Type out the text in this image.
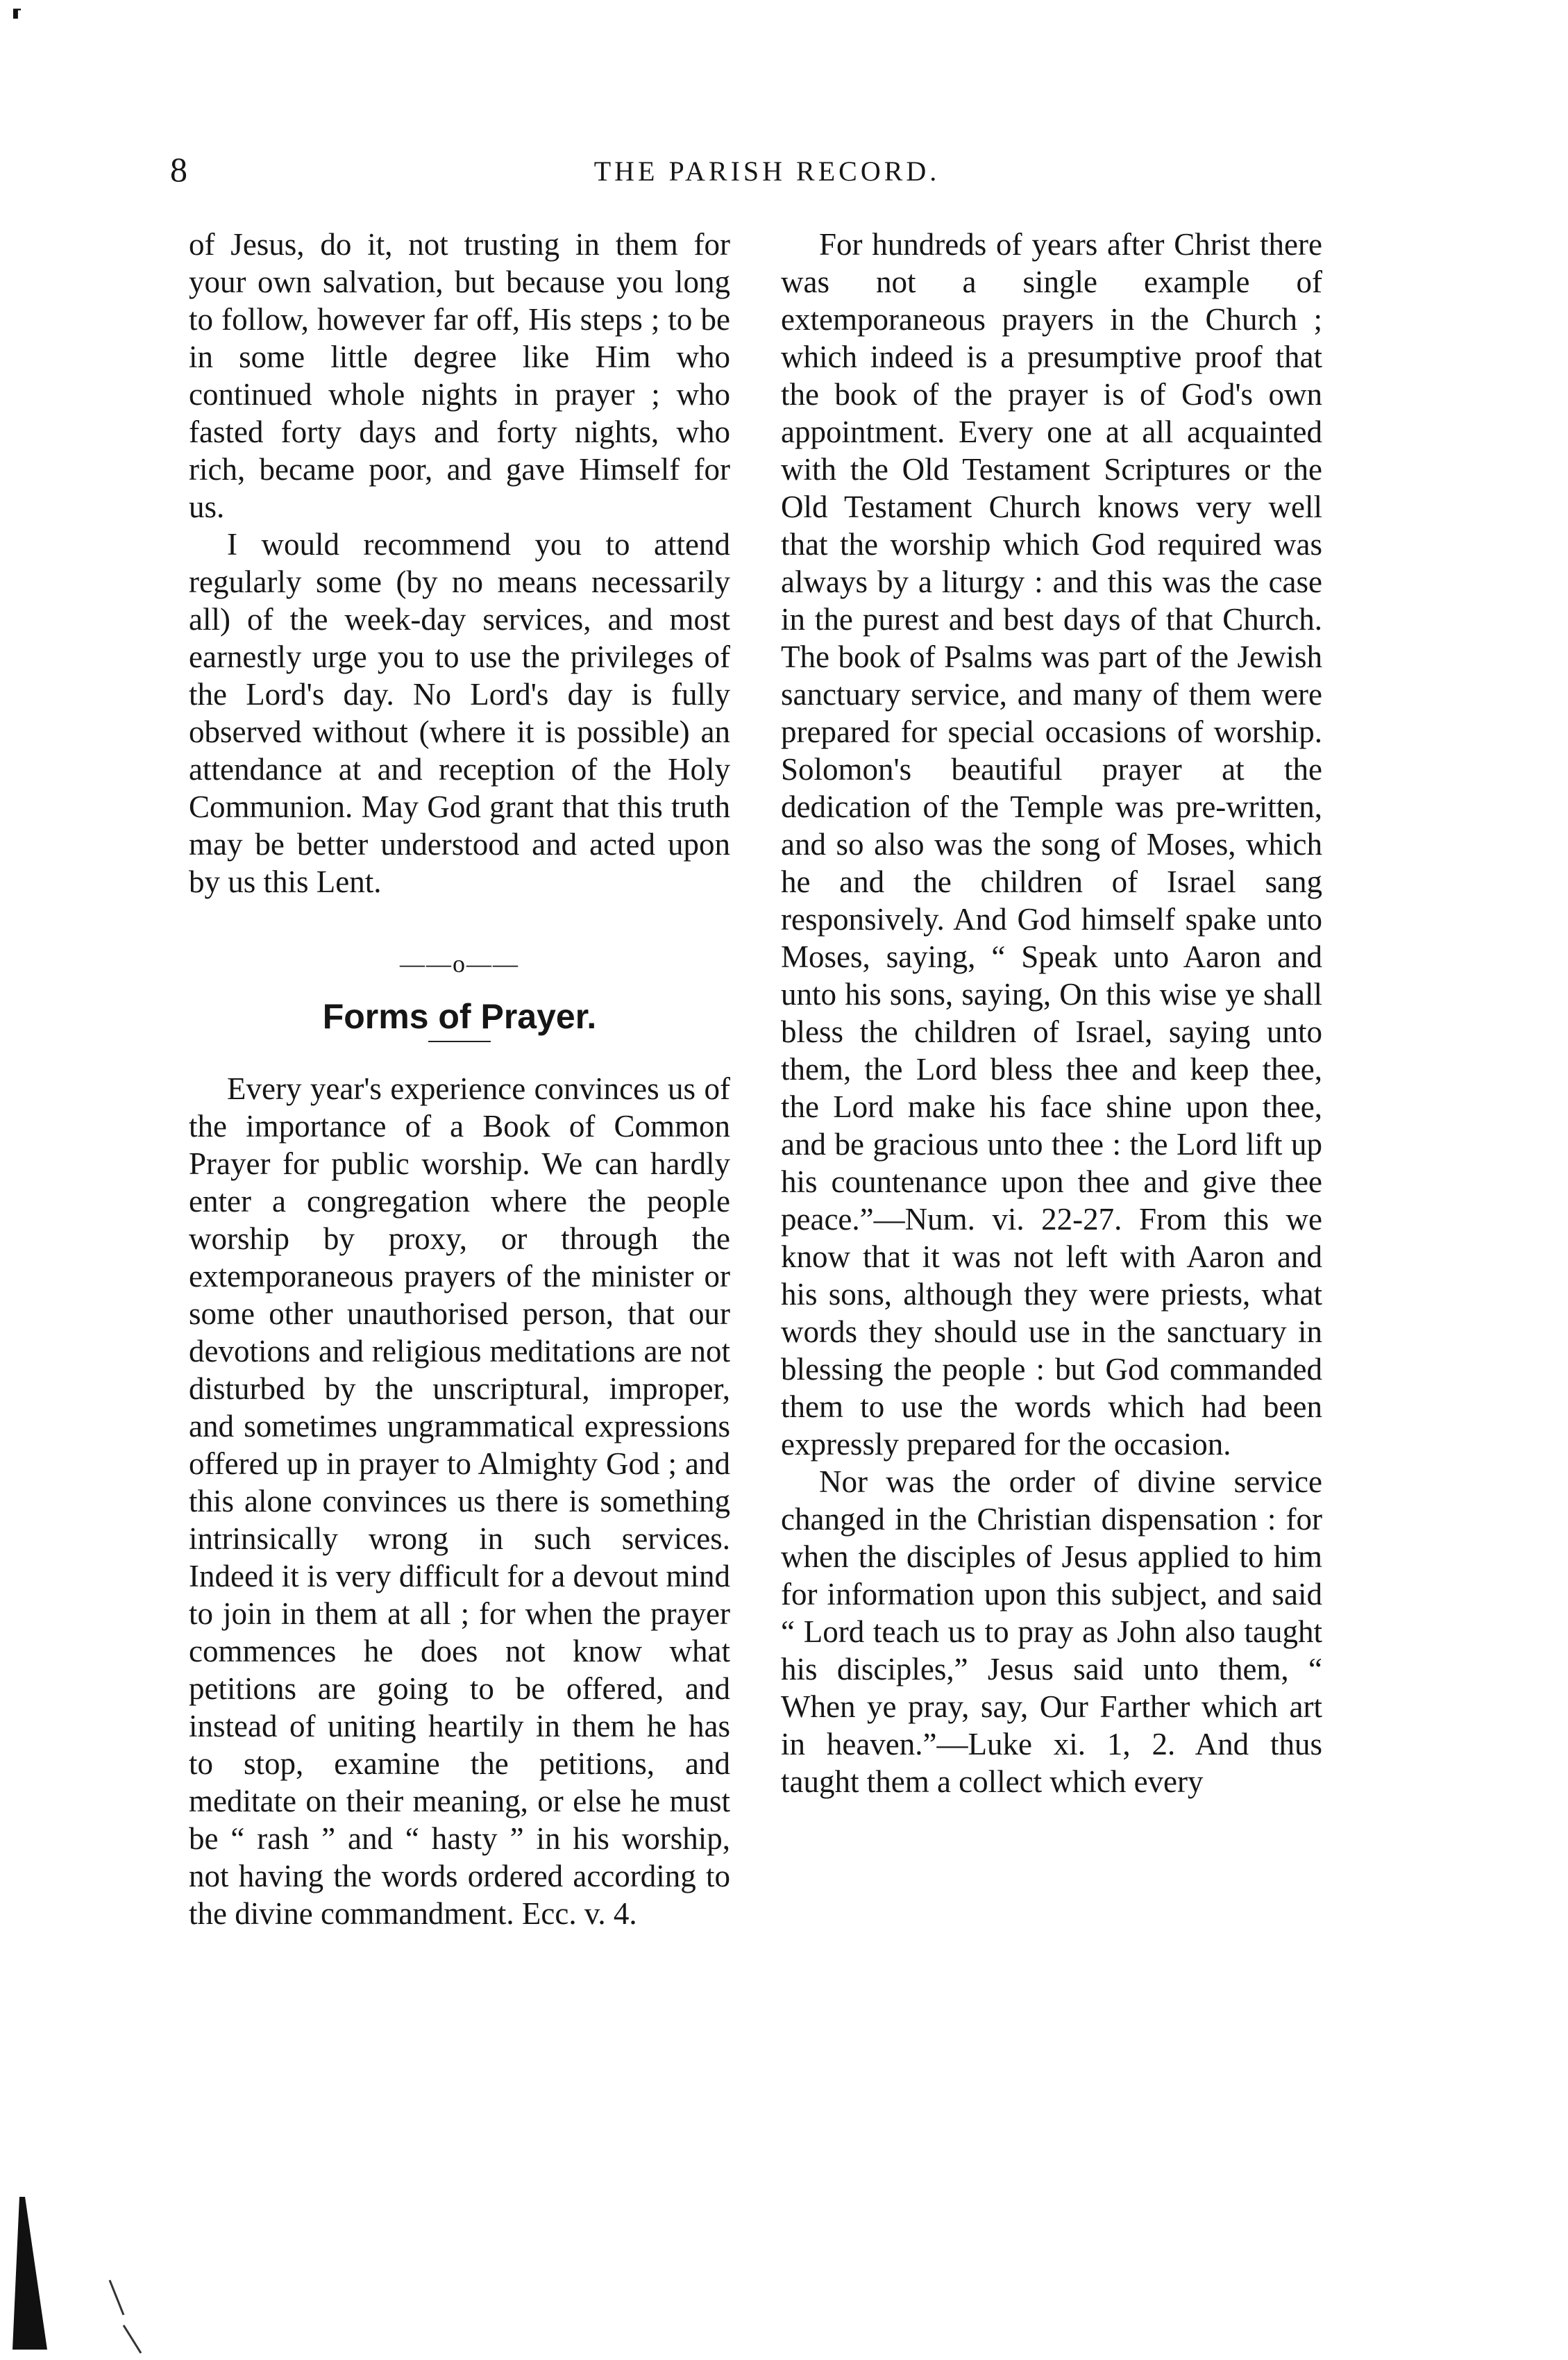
⸢
8	THE PARISH RECORD.

of Jesus, do it, not trusting in them for your own salvation, but because you long to follow, however far off, His steps ; to be in some little degree like Him who continued whole nights in prayer ; who fasted forty days and forty nights, who rich, became poor, and gave Himself for us.

I would recommend you to attend regularly some (by no means necessarily all) of the week-day services, and most earnestly urge you to use the privileges of the Lord's day. No Lord's day is fully observed without (where it is possible) an attendance at and reception of the Holy Communion. May God grant that this truth may be better understood and acted upon by us this Lent.

——o——
Forms of Prayer.

Every year's experience convinces us of the importance of a Book of Common Prayer for public worship. We can hardly enter a congregation where the people worship by proxy, or through the extemporaneous prayers of the minister or some other unauthorised person, that our devotions and religious meditations are not disturbed by the unscriptural, improper, and sometimes ungrammatical expressions offered up in prayer to Almighty God ; and this alone convinces us there is something intrinsically wrong in such services. Indeed it is very difficult for a devout mind to join in them at all ; for when the prayer commences he does not know what petitions are going to be offered, and instead of uniting heartily in them he has to stop, examine the petitions, and meditate on their meaning, or else he must be “ rash ” and “ hasty ” in his worship, not having the words ordered according to the divine commandment. Ecc. v. 4.

For hundreds of years after Christ there was not a single example of extemporaneous prayers in the Church ; which indeed is a presumptive proof that the book of the prayer is of God's own appointment. Every one at all acquainted with the Old Testament Scriptures or the Old Testament Church knows very well that the worship which God required was always by a liturgy : and this was the case in the purest and best days of that Church. The book of Psalms was part of the Jewish sanctuary service, and many of them were prepared for special occasions of worship. Solomon's beautiful prayer at the dedication of the Temple was pre-written, and so also was the song of Moses, which he and the children of Israel sang responsively. And God himself spake unto Moses, saying, “ Speak unto Aaron and unto his sons, saying, On this wise ye shall bless the children of Israel, saying unto them, the Lord bless thee and keep thee, the Lord make his face shine upon thee, and be gracious unto thee : the Lord lift up his countenance upon thee and give thee peace.”—Num. vi. 22-27. From this we know that it was not left with Aaron and his sons, although they were priests, what words they should use in the sanctuary in blessing the people : but God commanded them to use the words which had been expressly prepared for the occasion.

Nor was the order of divine service changed in the Christian dispensation : for when the disciples of Jesus applied to him for information upon this subject, and said “ Lord teach us to pray as John also taught his disciples,” Jesus said unto them, “ When ye pray, say, Our Farther which art in heaven.”—Luke xi. 1, 2. And thus taught them a collect which every
